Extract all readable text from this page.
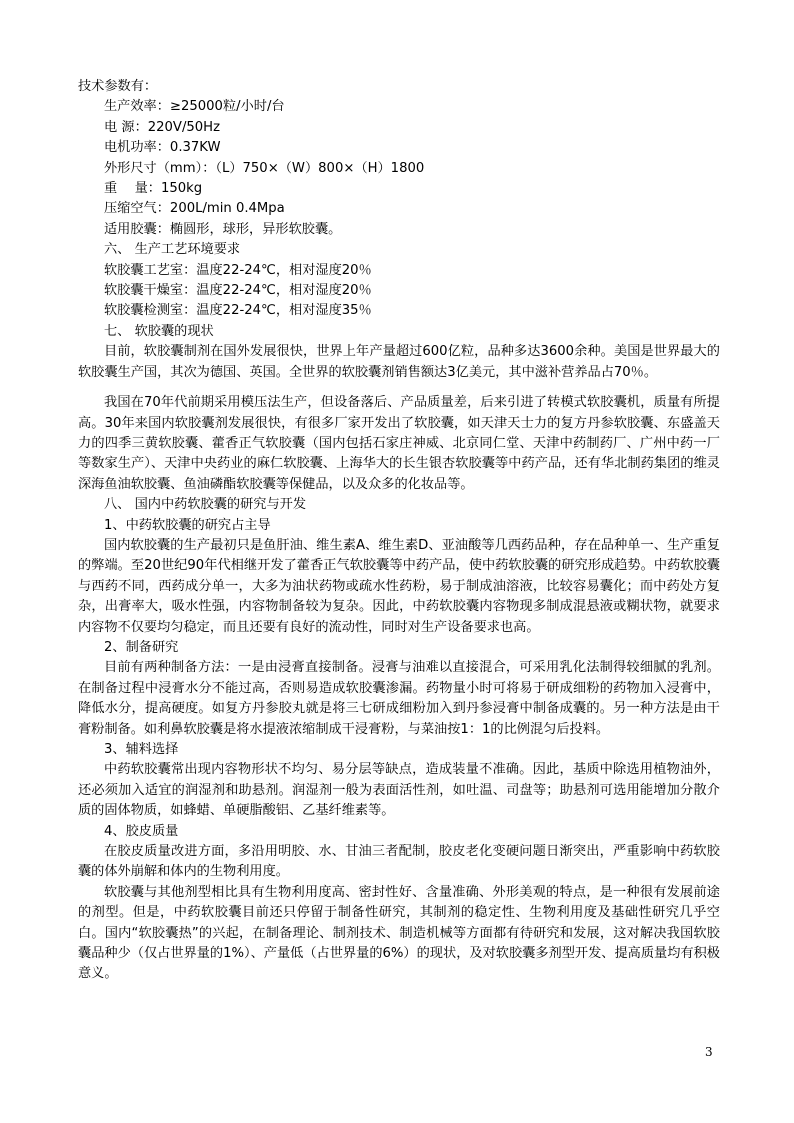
技术参数有：
生产效率：≥25000粒/小时/台
电 源：220V/50Hz
电机功率：0.37KW
外形尺寸（mm）：（L）750×（W）800×（H）1800
重　 量：150kg
压缩空气：200L/min 0.4Mpa
适用胶囊：椭圆形，球形，异形软胶囊。
六、 生产工艺环境要求
软胶囊工艺室：温度22-24℃，相对湿度20％
软胶囊干燥室：温度22-24℃，相对湿度20％
软胶囊检测室：温度22-24℃，相对湿度35％
七、 软胶囊的现状

目前，软胶囊制剂在国外发展很快，世界上年产量超过600亿粒，品种多达3600余种。美国是世界最大的软胶囊生产国，其次为德国、英国。全世界的软胶囊剂销售额达3亿美元，其中滋补营养品占70％。

我国在70年代前期采用模压法生产，但设备落后、产品质量差，后来引进了转模式软胶囊机，质量有所提高。30年来国内软胶囊剂发展很快，有很多厂家开发出了软胶囊，如天津天士力的复方丹参软胶囊、东盛盖天力的四季三黄软胶囊、藿香正气软胶囊（国内包括石家庄神威、北京同仁堂、天津中药制药厂、广州中药一厂等数家生产）、天津中央药业的麻仁软胶囊、上海华大的长生银杏软胶囊等中药产品，还有华北制药集团的维灵深海鱼油软胶囊、鱼油磷酯软胶囊等保健品，以及众多的化妆品等。

八、 国内中药软胶囊的研究与开发
1、中药软胶囊的研究占主导

国内软胶囊的生产最初只是鱼肝油、维生素A、维生素D、亚油酸等几西药品种，存在品种单一、生产重复的弊端。至20世纪90年代相继开发了藿香正气软胶囊等中药产品，使中药软胶囊的研究形成趋势。中药软胶囊与西药不同，西药成分单一，大多为油状药物或疏水性药粉，易于制成油溶液，比较容易囊化；而中药处方复杂，出膏率大，吸水性强，内容物制备较为复杂。因此，中药软胶囊内容物现多制成混悬液或糊状物，就要求内容物不仅要均匀稳定，而且还要有良好的流动性，同时对生产设备要求也高。

2、制备研究

目前有两种制备方法：一是由浸膏直接制备。浸膏与油难以直接混合，可采用乳化法制得较细腻的乳剂。在制备过程中浸膏水分不能过高，否则易造成软胶囊渗漏。药物量小时可将易于研成细粉的药物加入浸膏中，降低水分，提高硬度。如复方丹参胶丸就是将三七研成细粉加入到丹参浸膏中制备成囊的。另一种方法是由干膏粉制备。如利鼻软胶囊是将水提液浓缩制成干浸膏粉，与菜油按1：1的比例混匀后投料。

3、辅料选择

中药软胶囊常出现内容物形状不均匀、易分层等缺点，造成装量不准确。因此，基质中除选用植物油外，还必须加入适宜的润湿剂和助悬剂。润湿剂一般为表面活性剂，如吐温、司盘等；助悬剂可选用能增加分散介质的固体物质，如蜂蜡、单硬脂酸铝、乙基纤维素等。

4、胶皮质量

在胶皮质量改进方面，多沿用明胶、水、甘油三者配制，胶皮老化变硬问题日渐突出，严重影响中药软胶囊的体外崩解和体内的生物利用度。

软胶囊与其他剂型相比具有生物利用度高、密封性好、含量准确、外形美观的特点，是一种很有发展前途的剂型。但是，中药软胶囊目前还只停留于制备性研究，其制剂的稳定性、生物利用度及基础性研究几乎空白。国内“软胶囊热”的兴起，在制备理论、制剂技术、制造机械等方面都有待研究和发展，这对解决我国软胶囊品种少（仅占世界量的1%）、产量低（占世界量的6%）的现状，及对软胶囊多剂型开发、提高质量均有积极意义。

3
